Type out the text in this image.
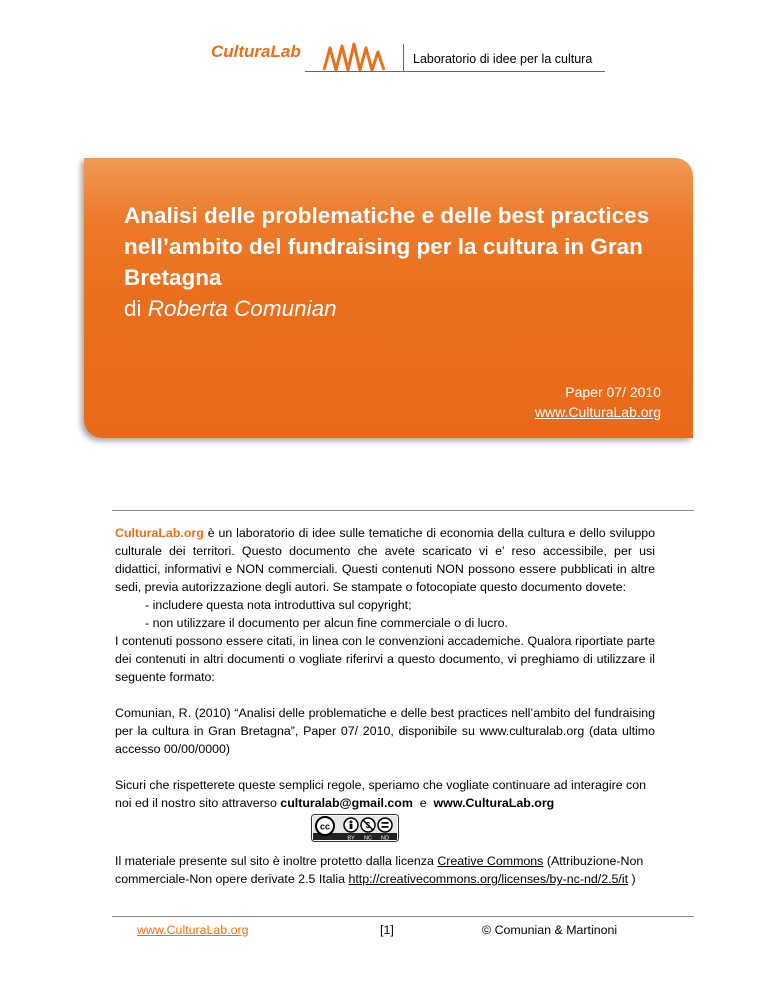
CulturaLab	Laboratorio di idee per la cultura
Analisi delle problematiche e delle best practices nell’ambito del fundraising per la cultura in Gran Bretagna
di Roberta Comunian
Paper 07/ 2010
www.CulturaLab.org

CulturaLab.org è un laboratorio di idee sulle tematiche di economia della cultura e dello sviluppo culturale dei territori. Questo documento che avete scaricato vi e’ reso accessibile, per usi didattici, informativi e NON commerciali. Questi contenuti NON possono essere pubblicati in altre sedi, previa autorizzazione degli autori. Se stampate o fotocopiate questo documento dovete:

- includere questa nota introduttiva sul copyright;
- non utilizzare il documento per alcun fine commerciale o di lucro.

I contenuti possono essere citati, in linea con le convenzioni accademiche. Qualora riportiate parte dei contenuti in altri documenti o vogliate riferirvi a questo documento, vi preghiamo di utilizzare il seguente formato:

Comunian, R. (2010) “Analisi delle problematiche e delle best practices nell’ambito del fundraising per la cultura in Gran Bretagna”, Paper 07/ 2010, disponibile su www.culturalab.org (data ultimo accesso 00/00/0000)

Sicuri che rispetterete queste semplici regole, speriamo che vogliate continuare ad interagire con noi ed il nostro sito attraverso culturalab@gmail.com  e  www.CulturaLab.org

cc	$
BY NC ND

Il materiale presente sul sito è inoltre protetto dalla licenza Creative Commons (Attribuzione-Non commerciale-Non opere derivate 2.5 Italia http://creativecommons.org/licenses/by-nc-nd/2.5/it )

www.CulturaLab.org	[1]	© Comunian & Martinoni
